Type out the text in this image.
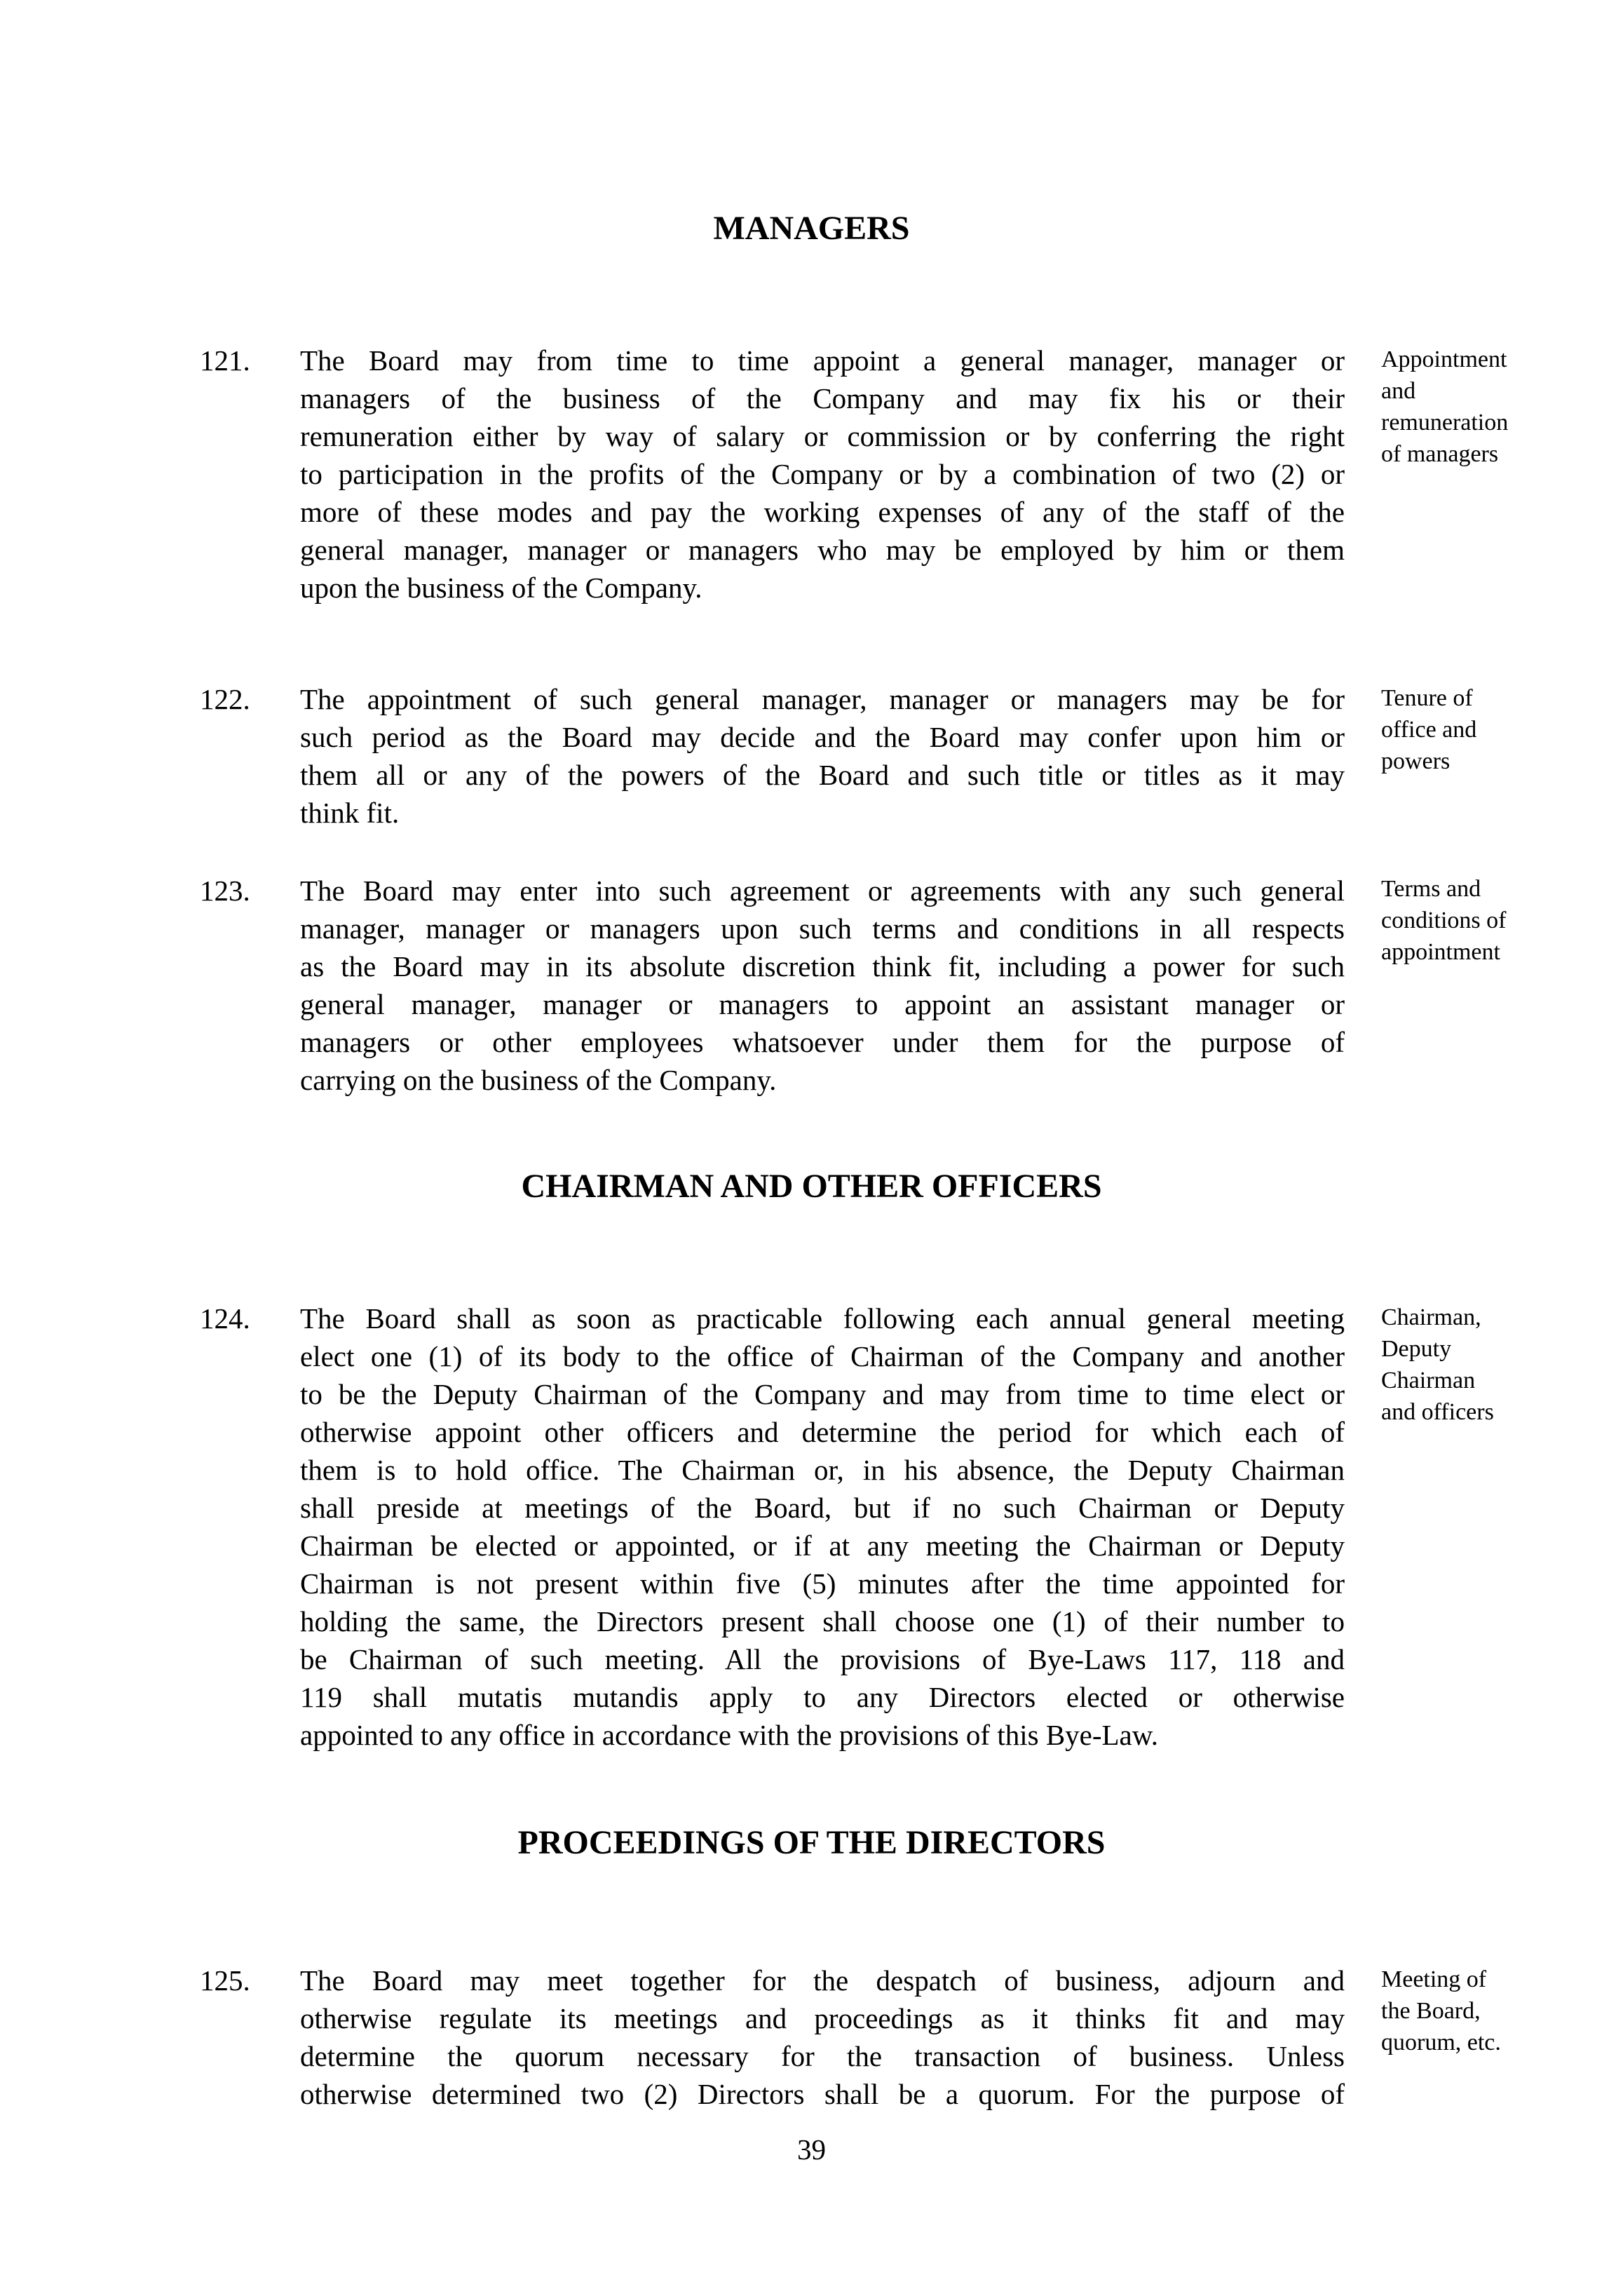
MANAGERS
CHAIRMAN AND OTHER OFFICERS
PROCEEDINGS OF THE DIRECTORS
121. The Board may from time to time appoint a general manager, manager or
managers of the business of the Company and may fix his or their
remuneration either by way of salary or commission or by conferring the right
to participation in the profits of the Company or by a combination of two (2) or
more of these modes and pay the working expenses of any of the staff of the
general manager, manager or managers who may be employed by him or them
upon the business of the Company.
Appointment
and
remuneration
of managers
122. The appointment of such general manager, manager or managers may be for
such period as the Board may decide and the Board may confer upon him or
them all or any of the powers of the Board and such title or titles as it may
think fit.
Tenure of
office and
powers
123. The Board may enter into such agreement or agreements with any such general
manager, manager or managers upon such terms and conditions in all respects
as the Board may in its absolute discretion think fit, including a power for such
general manager, manager or managers to appoint an assistant manager or
managers or other employees whatsoever under them for the purpose of
carrying on the business of the Company.
Terms and
conditions of
appointment
124. The Board shall as soon as practicable following each annual general meeting
elect one (1) of its body to the office of Chairman of the Company and another
to be the Deputy Chairman of the Company and may from time to time elect or
otherwise appoint other officers and determine the period for which each of
them is to hold office. The Chairman or, in his absence, the Deputy Chairman
shall preside at meetings of the Board, but if no such Chairman or Deputy
Chairman be elected or appointed, or if at any meeting the Chairman or Deputy
Chairman is not present within five (5) minutes after the time appointed for
holding the same, the Directors present shall choose one (1) of their number to
be Chairman of such meeting. All the provisions of Bye-Laws 117, 118 and
119 shall mutatis mutandis apply to any Directors elected or otherwise
appointed to any office in accordance with the provisions of this Bye-Law.
Chairman,
Deputy
Chairman
and officers
125. The Board may meet together for the despatch of business, adjourn and
otherwise regulate its meetings and proceedings as it thinks fit and may
determine the quorum necessary for the transaction of business. Unless
otherwise determined two (2) Directors shall be a quorum. For the purpose of
Meeting of
the Board,
quorum, etc.
39
